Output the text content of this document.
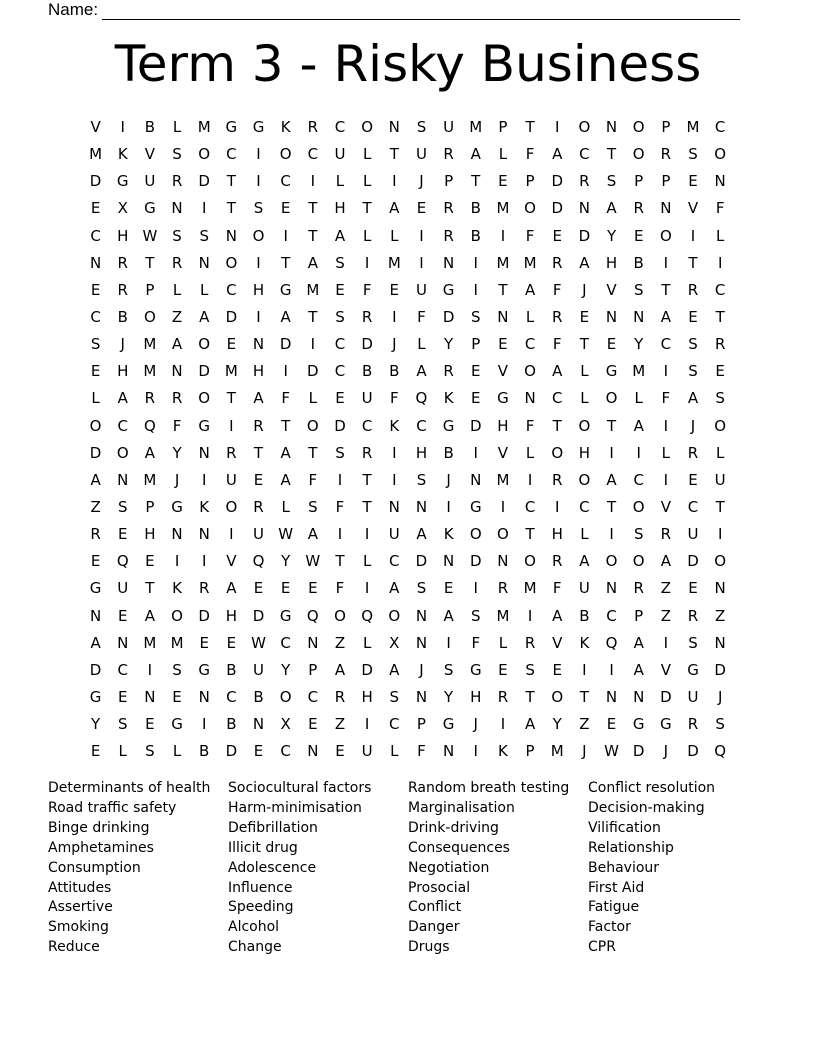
Name:
Term 3 - Risky Business
V	I	B	L	M G	G	K	R	C	O	N	S	U	M	P	T	I	O	N	O	P	M	C
M	K	V	S	O	C	I	O	C	U	L	T	U	R	A	L	F	A	C	T	O	R	S	O
D	G	U	R	D	T	I	C	I	L	L	I	J	P	T	E	P	D	R	S	P	P	E	N
E	X	G	N	I	T	S	E	T	H	T	A	E	R	B	M O	D	N	A	R	N	V	F
C	H W S	S	N	O	I	T	A	L	L	I	R	B	I	F	E	D	Y	E	O	I	L
N	R	T	R	N	O	I	T	A	S	I	M	I	N	I	M M	R	A	H	B	I	T	I
E	R	P	L	L	C	H	G M	E	F	E	U	G	I	T	A	F	J	V	S	T	R	C
C	B	O	Z	A	D	I	A	T	S	R	I	F	D	S	N	L	R	E	N	N	A	E	T
S	J	M	A	O	E	N	D	I	C	D	J	L	Y	P	E	C	F	T	E	Y	C	S	R
E	H	M	N	D M	H	I	D	C	B	B	A	R	E	V	O	A	L	G M	I	S	E
L	A	R	R	O	T	A	F	L	E	U	F	Q	K	E	G	N	C	L	O	L	F	A	S
O	C	Q	F	G	I	R	T	O	D	C	K	C	G	D	H	F	T	O	T	A	I	J	O
D	O	A	Y	N	R	T	A	T	S	R	I	H	B	I	V	L	O	H	I	I	L	R	L
A	N	M	J	I	U	E	A	F	I	T	I	S	J	N	M	I	R	O	A	C	I	E	U
Z	S	P	G	K	O	R	L	S	F	T	N	N	I	G	I	C	I	C	T	O	V	C	T
R	E	H	N	N	I	U W A	I	I	U	A	K	O	O	T	H	L	I	S	R	U	I
E	Q	E	I	I	V	Q	Y	W	T	L	C	D	N	D	N	O	R	A	O	O	A	D	O
G	U	T	K	R	A	E	E	E	F	I	A	S	E	I	R	M	F	U	N	R	Z	E	N
N	E	A	O	D	H	D	G	Q	O	Q	O	N	A	S	M	I	A	B	C	P	Z	R	Z
A	N	M M	E	E	W C	N	Z	L	X	N	I	F	L	R	V	K	Q	A	I	S	N
D	C	I	S	G	B	U	Y	P	A	D	A	J	S	G	E	S	E	I	I	A	V	G	D
G	E	N	E	N	C	B	O	C	R	H	S	N	Y	H	R	T	O	T	N	N	D	U	J
Y	S	E	G	I	B	N	X	E	Z	I	C	P	G	J	I	A	Y	Z	E	G	G	R	S
E	L	S	L	B	D	E	C	N	E	U	L	F	N	I	K	P	M	J	W D	J	D	Q
Determinants of health
Road traffic safety
Binge drinking
Amphetamines
Consumption
Attitudes
Assertive
Smoking
Reduce
Sociocultural factors
Harm-minimisation
Defibrillation
Illicit drug
Adolescence
Influence
Speeding
Alcohol
Change
Random breath testing
Marginalisation
Drink-driving
Consequences
Negotiation
Prosocial
Conflict
Danger
Drugs
Conflict resolution
Decision-making
Vilification
Relationship
Behaviour
First Aid
Fatigue
Factor
CPR
